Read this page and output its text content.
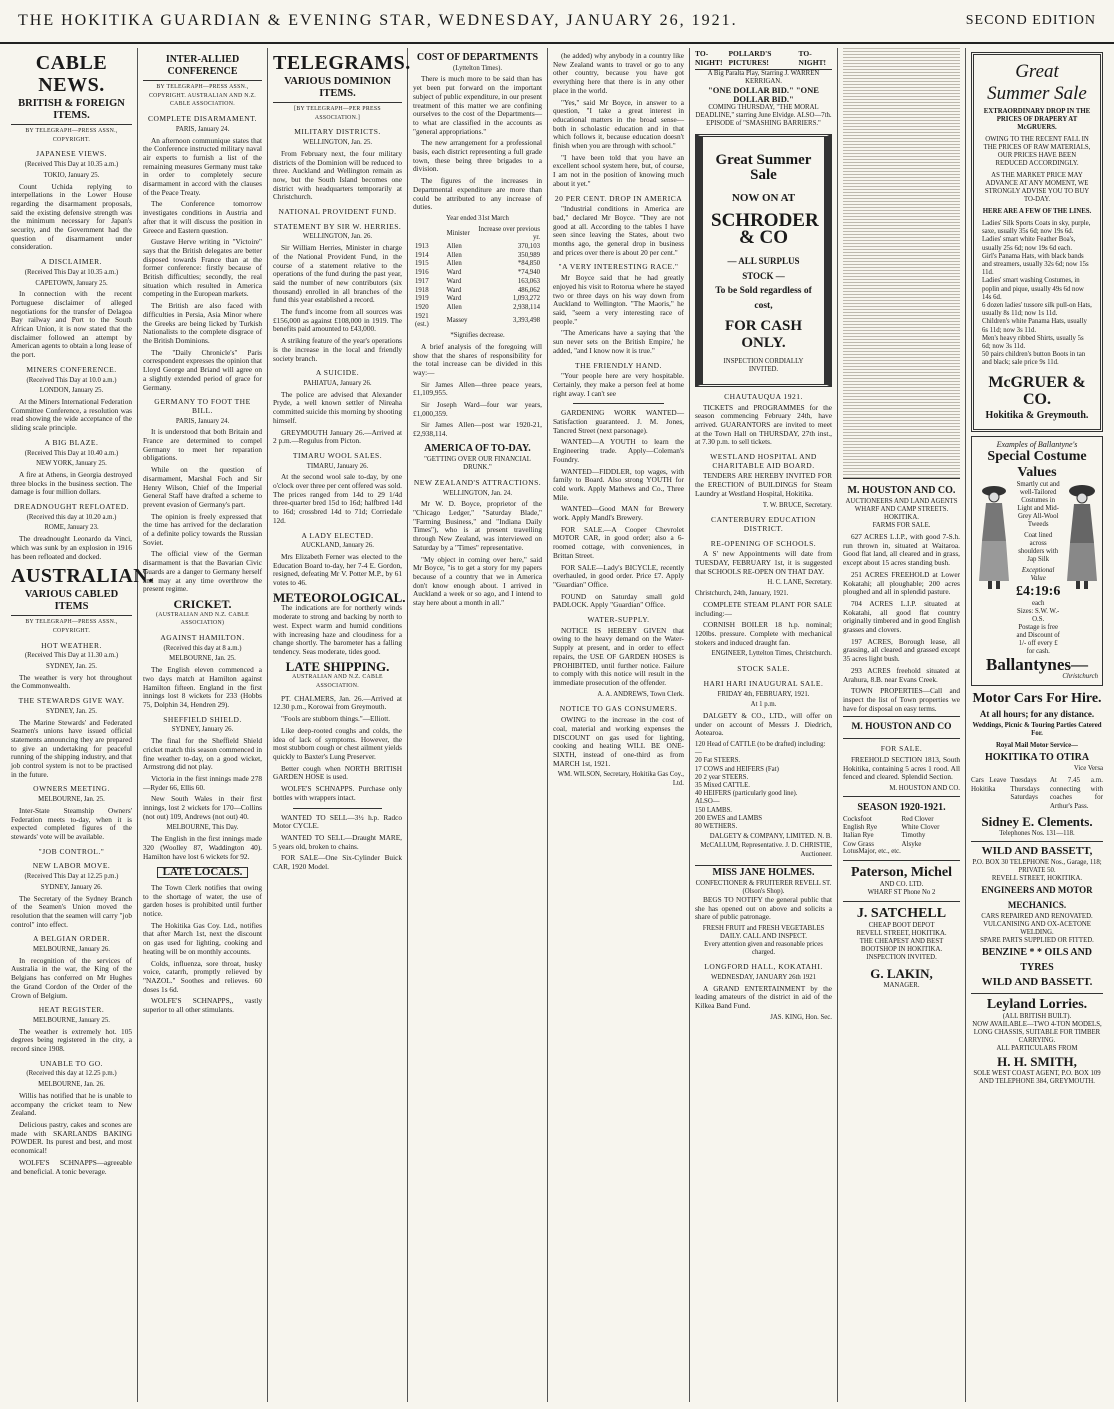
THE HOKITIKA GUARDIAN & EVENING STAR, WEDNESDAY, JANUARY 26, 1921.	SECOND EDITION
CABLE NEWS.
BRITISH & FOREIGN ITEMS.
BY TELEGRAPH—PRESS ASSN., COPYRIGHT.
JAPANESE VIEWS.
(Received This Day at 10.35 a.m.)
TOKIO, January 25.

Count Uchida replying to interpellations in the Lower House regarding the disarmament proposals, said the existing defensive strength was the minimum necessary for Japan's security, and the Government had the question of disarmament under consideration.

A DISCLAIMER.
(Received This Day at 10.35 a.m.)
CAPETOWN, January 25.

In connection with the recent Portuguese disclaimer of alleged negotiations for the transfer of Delagoa Bay railway and Port to the South African Union, it is now stated that the disclaimer followed an attempt by American agents to obtain a long lease of the port.

MINERS CONFERENCE.
(Received This Day at 10.0 a.m.)
LONDON, January 25.

At the Miners International Federation Committee Conference, a resolution was read showing the wide acceptance of the sliding scale principle.

A BIG BLAZE.
(Received This Day at 10.40 a.m.)
NEW YORK, January 25.

A fire at Athens, in Georgia destroyed three blocks in the business section. The damage is four million dollars.

DREADNOUGHT REFLOATED.
(Received this day at 10.20 a.m.)
ROME, January 23.

The dreadnought Leonardo da Vinci, which was sunk by an explosion in 1916 has been refloated and docked.

AUSTRALIAN.
VARIOUS CABLED ITEMS
BY TELEGRAPH—PRESS ASSN., COPYRIGHT.
HOT WEATHER.
(Received This Day at 11.30 a.m.)
SYDNEY, Jan. 25.

The weather is very hot throughout the Commonwealth.

THE STEWARDS GIVE WAY.
SYDNEY, Jan. 25.

The Marine Stewards' and Federated Seamen's unions have issued official statements announcing they are prepared to give an undertaking for peaceful running of the shipping industry, and that job control system is not to be practised in the future.

OWNERS MEETING.
MELBOURNE, Jan. 25.

Inter-State Steamship Owners' Federation meets to-day, when it is expected completed figures of the stewards' vote will be available.

"JOB CONTROL."
NEW LABOR MOVE.
(Received This Day at 12.25 p.m.)
SYDNEY, January 26.

The Secretary of the Sydney Branch of the Seamen's Union moved the resolution that the seamen will carry "job control" into effect.

A BELGIAN ORDER.
MELBOURNE, January 26.

In recognition of the services of Australia in the war, the King of the Belgians has conferred on Mr Hughes the Grand Cordon of the Order of the Crown of Belgium.

HEAT REGISTER.
MELBOURNE, January 25.

The weather is extremely hot. 105 degrees being registered in the city, a record since 1908.

UNABLE TO GO.
(Received this day at 12.25 p.m.)
MELBOURNE, Jan. 26.

Willis has notified that he is unable to accompany the cricket team to New Zealand.

Delicious pastry, cakes and scones are made with SKARLANDS BAKING POWDER. Its purest and best, and most economical!

WOLFE'S SCHNAPPS—agreeable and beneficial. A tonic beverage.

INTER-ALLIED CONFERENCE
BY TELEGRAPH—PRESS ASSN., COPYRIGHT. AUSTRALIAN AND N.Z. CABLE ASSOCIATION.
COMPLETE DISARMAMENT.
PARIS, January 24.

An afternoon communique states that the Conference instructed military naval air experts to furnish a list of the remaining measures Germany must take in order to completely secure disarmament in accord with the clauses of the Peace Treaty.

The Conference tomorrow investigates conditions in Austria and after that it will discuss the position in Greece and Eastern question.

Gustave Herve writing in "Victoire" says that the British delegates are better disposed towards France than at the former conference: firstly because of British difficulties; secondly, the real situation which resulted in America competing in the European markets.

The British are also faced with difficulties in Persia, Asia Minor where the Greeks are being licked by Turkish Nationalists to the complete disgrace of the British Dominions.

The "Daily Chronicle's" Paris correspondent expresses the opinion that Lloyd George and Briand will agree on a slightly extended period of grace for Germany.

GERMANY TO FOOT THE BILL.
PARIS, January 24.

It is understood that both Britain and France are determined to compel Germany to meet her reparation obligations.

While on the question of disarmament, Marshal Foch and Sir Henry Wilson, Chief of the Imperial General Staff have drafted a scheme to prevent evasion of Germany's part.

The opinion is freely expressed that the time has arrived for the declaration of a definite policy towards the Russian Soviet.

The official view of the German disarmament is that the Bavarian Civic Guards are a danger to Germany herself and may at any time overthrow the present regime.

CRICKET.
(AUSTRALIAN AND N.Z. CABLE ASSOCIATION)
AGAINST HAMILTON.
(Received this day at 8 a.m.)
MELBOURNE, Jan. 25.

The English eleven commenced a two days match at Hamilton against Hamilton fifteen. England in the first innings lost 8 wickets for 233 (Hobbs 75, Dolphin 34, Hendren 29).

SHEFFIELD SHIELD.
SYDNEY, January 26.

The final for the Sheffield Shield cricket match this season commenced in fine weather to-day, on a good wicket, Armstrong did not play.

Victoria in the first innings made 278—Ryder 66, Ellis 60.

New South Wales in their first innings, lost 2 wickets for 170—Collins (not out) 109, Andrews (not out) 40.

MELBOURNE, This Day.

The English in the first innings made 320 (Woolley 87, Waddington 40). Hamilton have lost 6 wickets for 92.

LATE LOCALS.

The Town Clerk notifies that owing to the shortage of water, the use of garden hoses is prohibited until further notice.

The Hokitika Gas Coy. Ltd., notifies that after March 1st, next the discount on gas used for lighting, cooking and heating will be on monthly accounts.

Colds, influenza, sore throat, husky voice, catarrh, promptly relieved by "NAZOL." Soothes and relieves. 60 doses 1s 6d.

WOLFE'S SCHNAPPS,, vastly superior to all other stimulants.

TELEGRAMS.
VARIOUS DOMINION ITEMS.
[BY TELEGRAPH—PER PRESS ASSOCIATION.]
MILITARY DISTRICTS.
WELLINGTON, Jan. 25.

From February next, the four military districts of the Dominion will be reduced to three. Auckland and Wellington remain as now, but the South Island becomes one district with headquarters temporarily at Christchurch.

NATIONAL PROVIDENT FUND.
STATEMENT BY SIR W. HERRIES.
WELLINGTON, Jan. 26.

Sir William Herries, Minister in charge of the National Provident Fund, in the course of a statement relative to the operations of the fund during the past year, said the number of new contributors (six thousand) enrolled in all branches of the fund this year established a record.

The fund's income from all sources was £156,000 as against £108,000 in 1919. The benefits paid amounted to £43,000.

A striking feature of the year's operations is the increase in the local and friendly society branch.

A SUICIDE.
PAHIATUA, January 26.

The police are advised that Alexander Pryde, a well known settler of Nireaha committed suicide this morning by shooting himself.

GREYMOUTH January 26.—Arrived at 2 p.m.—Regulus from Picton.

TIMARU WOOL SALES.
TIMARU, January 26.

At the second wool sale to-day, by one o'clock over three per cent offered was sold. The prices ranged from 14d to 29 1/4d three-quarter bred 15d to 16d; halfbred 14d to 16d; crossbred 14d to 71d; Corriedale 12d.

A LADY ELECTED.
AUCKLAND, January 26.

Mrs Elizabeth Ferner was elected to the Education Board to-day, her 7-4 E. Gordon, resigned, defeating Mr V. Potter M.P., by 61 votes to 46.

METEOROLOGICAL.

The indications are for northerly winds moderate to strong and backing by north to west. Expect warm and humid conditions with increasing haze and cloudiness for a change shortly. The barometer has a falling tendency. Seas moderate, tides good.

LATE SHIPPING.
AUSTRALIAN AND N.Z. CABLE ASSOCIATION.

PT. CHALMERS, Jan. 26.—Arrived at 12.30 p.m., Korowai from Greymouth.

"Fools are stubborn things."—Elliott.

Like deep-rooted coughs and colds, the idea of lack of symptoms. However, the most stubborn cough or chest ailment yields quickly to Baxter's Lung Preserver.

Better cough when NORTH BRITISH GARDEN HOSE is used.

WOLFE'S SCHNAPPS. Purchase only bottles with wrappers intact.

WANTED TO SELL—3½ h.p. Radco Motor CYCLE.

WANTED TO SELL—Draught MARE, 5 years old, broken to chains.

FOR SALE—One Six-Cylinder Buick CAR, 1920 Model.

COST OF DEPARTMENTS
(Lyttelton Times).

There is much more to be said than has yet been put forward on the important subject of public expenditure, in our present treatment of this matter we are confining ourselves to the cost of the Departments—to what are classified in the accounts as "general appropriations."

The new arrangement for a professional basis, each district representing a full grade town, these being three brigades to a division.

The figures of the increases in Departmental expenditure are more than could be attributed to any increase of duties.

Year ended 31st March
	Minister	Increase over previous yr.
1913	Allen	370,103
1914	Allen	350,989
1915	Allen	*84,850
1916	Ward	*74,940
1917	Ward	163,063
1918	Ward	486,062
1919	Ward	1,093,272
1920	Allen	2,938,114
1921 (est.)	Massey	3,393,498
*Signifies decrease.

A brief analysis of the foregoing will show that the shares of responsibility for the total increase can be divided in this way:—

Sir James Allen—three peace years, £1,109,955.

Sir Joseph Ward—four war years, £1,000,359.

Sir James Allen—post war 1920-21, £2,938,114.

AMERICA OF TO-DAY.
"GETTING OVER OUR FINANCIAL DRUNK."
NEW ZEALAND'S ATTRACTIONS.
WELLINGTON, Jan. 24.

Mr W. D. Boyce, proprietor of the "Chicago Ledger," "Saturday Blade," "Farming Business," and "Indiana Daily Times"), who is at present travelling through New Zealand, was interviewed on Saturday by a "Times" representative.

"My object in coming over here," said Mr Boyce, "is to get a story for my papers because of a country that we in America don't know enough about. I arrived in Auckland a week or so ago, and I intend to stay here about a month in all."

(he added) why anybody in a country like New Zealand wants to travel or go to any other country, because you have got everything here that there is in any other place in the world.

"Yes," said Mr Boyce, in answer to a question, "I take a great interest in educational matters in the broad sense—both in scholastic education and in that which follows it, because education doesn't finish when you are through with school."

"I have been told that you have an excellent school system here, but, of course, I am not in the position of knowing much about it yet."

20 PER CENT. DROP IN AMERICA

"Industrial conditions in America are bad," declared Mr Boyce. "They are not good at all. According to the tables I have seen since leaving the States, about two months ago, the general drop in business and prices over there is about 20 per cent."

"A VERY INTERESTING RACE."

Mr Boyce said that he had greatly enjoyed his visit to Rotorua where he stayed two or three days on his way down from Auckland to Wellington. "The Maoris," he said, "seem a very interesting race of people."

"The Americans have a saying that 'the sun never sets on the British Empire,' he added, "and I know now it is true."

THE FRIENDLY HAND.

"Your people here are very hospitable. Certainly, they make a person feel at home right away. I can't see

GARDENING WORK WANTED—Satisfaction guaranteed. J. M. Jones, Tancred Street (next parsonage).

WANTED—A YOUTH to learn the Engineering trade. Apply—Coleman's Foundry.

WANTED—FIDDLER, top wages, with family to Board. Also strong YOUTH for cold work. Apply Mathews and Co., Three Mile.

WANTED—Good MAN for Brewery work. Apply Mandl's Brewery.

FOR SALE.—A Cooper Chevrolet MOTOR CAR, in good order; also a 6-roomed cottage, with conveniences, in Brittan Street.

FOR SALE—Lady's BICYCLE, recently overhauled, in good order. Price £7. Apply "Guardian" Office.

FOUND on Saturday small gold PADLOCK. Apply "Guardian" Office.

WATER-SUPPLY.

NOTICE IS HEREBY GIVEN that owing to the heavy demand on the Water-Supply at present, and in order to effect repairs, the USE OF GARDEN HOSES is PROHIBITED, until further notice. Failure to comply with this notice will result in the immediate prosecution of the offender.

A. A. ANDREWS, Town Clerk.
NOTICE TO GAS CONSUMERS.

OWING to the increase in the cost of coal, material and working expenses the DISCOUNT on gas used for lighting, cooking and heating WILL BE ONE-SIXTH, instead of one-third as from MARCH 1st, 1921.

WM. WILSON, Secretary, Hokitika Gas Coy., Ltd.
TO-NIGHT!
POLLARD'S PICTURES!
TO-NIGHT!
A Big Paralta Play, Starring J. WARREN KERRIGAN.
"ONE DOLLAR BID." "ONE DOLLAR BID."
COMING THURSDAY, "THE MORAL DEADLINE," starring June Elvidge. ALSO—7th. EPISODE of "SMASHING BARRIERS."
Great Summer Sale
NOW ON AT
SCHRODER & CO
— ALL SURPLUS STOCK —
To be Sold regardless of cost,
FOR CASH ONLY.
INSPECTION CORDIALLY INVITED.
CHAUTAUQUA 1921.

TICKETS and PROGRAMMES for the season commencing February 24th, have arrived. GUARANTORS are invited to meet at the Town Hall on THURSDAY, 27th inst., at 7.30 p.m. to sell tickets.

WESTLAND HOSPITAL AND CHARITABLE AID BOARD.

TENDERS ARE HEREBY INVITED FOR the ERECTION of BUILDINGS for Steam Laundry at Westland Hospital, Hokitika.

T. W. BRUCE, Secretary.
CANTERBURY EDUCATION DISTRICT.
RE-OPENING OF SCHOOLS.

A S' new Appointments will date from TUESDAY, FEBRUARY 1st, it is suggested that SCHOOLS RE-OPEN ON THAT DAY.

H. C. LANE, Secretary.
Christchurch, 24th, January, 1921.

COMPLETE STEAM PLANT FOR SALE including:—

CORNISH BOILER 18 h.p. nominal; 120lbs. pressure. Complete with mechanical stokers and induced draught fan.

ENGINEER, Lyttelton Times, Christchurch.
STOCK SALE.
HARI HARI INAUGURAL SALE.
FRIDAY 4th, FEBRUARY, 1921.
At 1 p.m.

DALGETY & CO., LTD., will offer on under on account of Messrs J. Diedrich, Aotearoa.

120 Head of CATTLE (to be drafted) including:—
20 Fat STEERS.
17 COWS and HEIFERS (Fat)
20 2 year STEERS.
35 Mixed CATTLE.
40 HEIFERS (particularly good line).
ALSO—
150 LAMBS.
200 EWES and LAMBS
80 WETHERS.
DALGETY & COMPANY, LIMITED. N. B. McCALLUM, Representative. J. D. CHRISTIE, Auctioneer.
MISS JANE HOLMES.
CONFECTIONER & FRUITERER REVELL ST. (Olson's Shop).

BEGS TO NOTIFY the general public that she has opened out on above and solicits a share of public patronage.

FRESH FRUIT and FRESH VEGETABLES DAILY. CALL AND INSPECT.
Every attention given and reasonable prices charged.
LONGFORD HALL, KOKATAHI.
WEDNESDAY, JANUARY 26th 1921

A GRAND ENTERTAINMENT by the leading amateurs of the district in aid of the Kilkea Band Fund.

JAS. KING, Hon. Sec.
M. HOUSTON AND CO.
AUCTIONEERS AND LAND AGENTS
WHARF AND CAMP STREETS. HOKITIKA.
FARMS FOR SALE.

627 ACRES L.I.P., with good 7-S.h. run thrown in, situated at Waitaroa. Good flat land, all cleared and in grass, except about 15 acres standing bush.

251 ACRES FREEHOLD at Lower Kokatahi; all ploughable; 200 acres ploughed and all in splendid pasture.

704 ACRES L.I.P. situated at Kokatahi, all good flat country originally timbered and in good English grasses and clovers.

197 ACRES, Borough lease, all grassing, all cleared and grassed except 35 acres light bush.

293 ACRES freehold situated at Arahura, 8.B. near Evans Creek.

TOWN PROPERTIES—Call and inspect the list of Town properties we have for disposal on easy terms.

M. HOUSTON AND CO
FOR SALE.

FREEHOLD SECTION 1813, South Hokitika, containing 5 acres 1 rood. All fenced and cleared. Splendid Section.

M. HOUSTON AND CO.
SEASON 1920-1921.
Cocksfoot	Red Clover
English Rye	White Clover
Italian Rye	Timothy
Cow Grass	Alsyke
LotusMajor, etc., etc.
Paterson, Michel
AND CO. LTD.
WHARF ST Phone No 2
J. SATCHELL
CHEAP BOOT DEPOT
REVELL STREET, HOKITIKA.
THE CHEAPEST AND BEST BOOTSHOP IN HOKITIKA. INSPECTION INVITED.
G. LAKIN,
MANAGER.
Great Summer Sale
EXTRAORDINARY DROP IN THE PRICES OF DRAPERY AT McGRUERS.
OWING TO THE RECENT FALL IN THE PRICES OF RAW MATERIALS, OUR PRICES HAVE BEEN REDUCED ACCORDINGLY.
AS THE MARKET PRICE MAY ADVANCE AT ANY MOMENT, WE STRONGLY ADVISE YOU TO BUY TO-DAY.
HERE ARE A FEW OF THE LINES.
Ladies' Silk Sports Coats in sky, purple, saxe, usually 35s 6d; now 19s 6d.
Ladies' smart white Feather Boa's, usually 25s 6d; now 19s 6d each.
Girl's Panama Hats, with black bands and streamers, usually 32s 6d; now 15s 11d.
Ladies' smart washing Costumes, in poplin and pique, usually 49s 6d now 14s 6d.
6 dozen ladies' tussore silk pull-on Hats, usually 8s 11d; now 1s 11d.
Children's white Panama Hats, usually 6s 11d; now 3s 11d.
Men's heavy ribbed Shirts, usually 5s 6d; now 3s 11d.
50 pairs children's button Boots in tan and black; sale price 9s 11d.
McGRUER & CO.
Hokitika & Greymouth.
Examples of Ballantyne's
Special Costume Values
Smartly cut and well-Tailored Costumes in Light and Mid-Grey All-Wool Tweeds
Coat lined across shoulders with Jap Silk
Exceptional Value
£4:19:6
each
Sizes: S.W. W.-O.S.
Postage is free and Discount of 1/- off every £ for cash.
Ballantynes—
Christchurch
Motor Cars For Hire.
At all hours; for any distance.
Weddings, Picnic & Touring Parties Catered For.
Royal Mail Motor Service—
HOKITIKA TO OTIRA
Vice Versa
Cars Leave Hokitika
Tuesdays Thursdays Saturdays
At 7.45 a.m. connecting with coaches for Arthur's Pass.
Sidney E. Clements.
Telephones Nos. 131—118.
WILD AND BASSETT,
P.O. BOX 30 TELEPHONE Nos., Garage, 118; PRIVATE 50.
REVELL STREET, HOKITIKA.
ENGINEERS AND MOTOR MECHANICS.
CARS REPAIRED AND RENOVATED. VULCANISING AND OX-ACETONE WELDING.
SPARE PARTS SUPPLIED OR FITTED.
BENZINE * * OILS AND TYRES
WILD AND BASSETT.
Leyland Lorries.
(ALL BRITISH BUILT).
NOW AVAILABLE—TWO 4-TON MODELS, LONG CHASSIS, SUITABLE FOR TIMBER CARRYING.
ALL PARTICULARS FROM
H. H. SMITH,
SOLE WEST COAST AGENT, P.O. BOX 109 AND TELEPHONE 384, GREYMOUTH.
